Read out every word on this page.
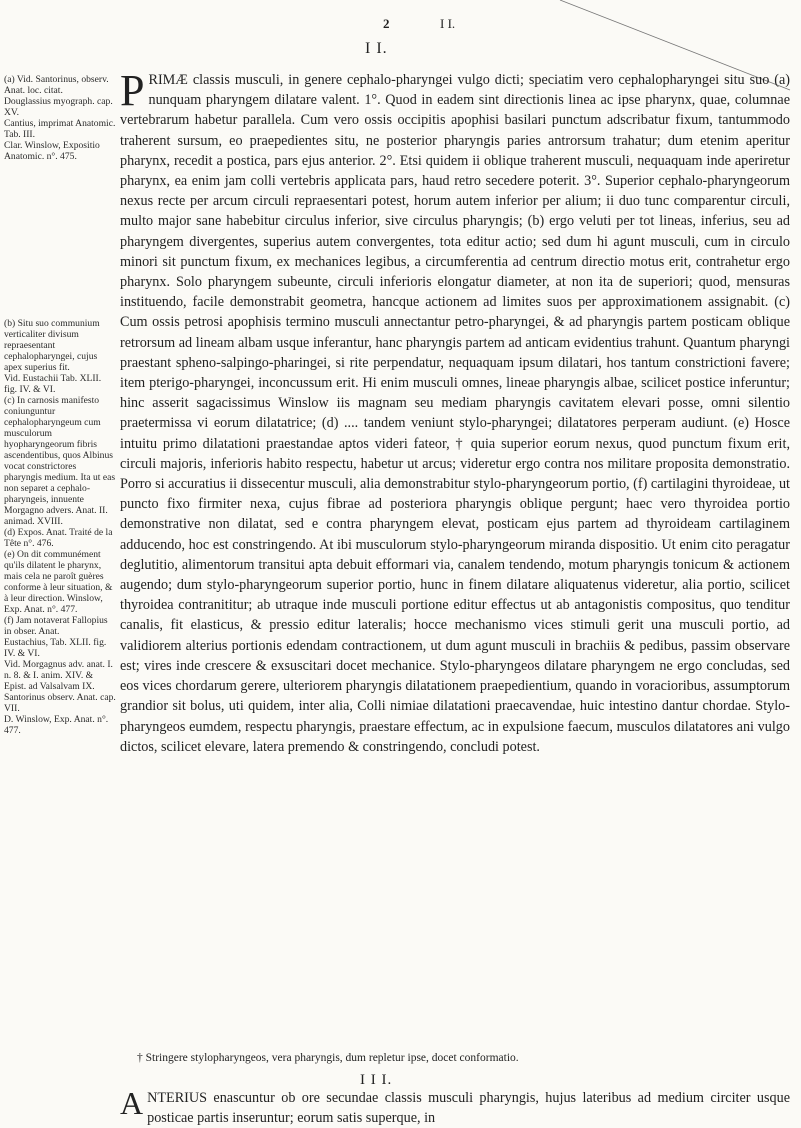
2	I I.
I I.

PRIMÆ classis musculi, in genere cephalo-pharyngei vulgo dicti; speciatim vero cephalopharyngei situ suo (a) nunquam pharyngem dilatare valent. 1°. Quod in eadem sint directionis linea ac ipse pharynx, quae, columnae vertebrarum habetur parallela. Cum vero ossis occipitis apophisi basilari punctum adscribatur fixum, tantummodo traherent sursum, eo praepedientes situ, ne posterior pharyngis paries antrorsum trahatur; dum etenim aperitur pharynx, recedit a postica, pars ejus anterior. 2°. Etsi quidem ii oblique traherent musculi, nequaquam inde aperiretur pharynx, ea enim jam colli vertebris applicata pars, haud retro secedere poterit. 3°. Superior cephalo-pharyngeorum nexus recte per arcum circuli repraesentari potest, horum autem inferior per alium; ii duo tunc comparentur circuli, multo major sane habebitur circulus inferior, sive circulus pharyngis; (b) ergo veluti per tot lineas, inferius, seu ad pharyngem divergentes, superius autem convergentes, tota editur actio; sed dum hi agunt musculi, cum in circulo minori sit punctum fixum, ex mechanices legibus, a circumferentia ad centrum directio motus erit, contrahetur ergo pharynx. Solo pharyngem subeunte, circuli inferioris elongatur diameter, at non ita de superiori; quod, mensuras instituendo, facile demonstrabit geometra, hancque actionem ad limites suos per approximationem assignabit. (c) Cum ossis petrosi apophisis termino musculi annectantur petro-pharyngei, & ad pharyngis partem posticam oblique retrorsum ad lineam albam usque inferantur, hanc pharyngis partem ad anticam evidentius trahunt. Quantum pharyngi praestant spheno-salpingo-pharingei, si rite perpendatur, nequaquam ipsum dilatari, hos tantum constrictioni favere; item pterigo-pharyngei, inconcussum erit. Hi enim musculi omnes, lineae pharyngis albae, scilicet postice inferuntur; hinc asserit sagacissimus Winslow iis magnam seu mediam pharyngis cavitatem elevari posse, omni silentio praetermissa vi eorum dilatatrice; (d) .... tandem veniunt stylo-pharyngei; dilatatores perperam audiunt. (e) Hosce intuitu primo dilatationi praestandae aptos videri fateor, † quia superior eorum nexus, quod punctum fixum erit, circuli majoris, inferioris habito respectu, habetur ut arcus; videretur ergo contra nos militare proposita demonstratio. Porro si accuratius ii dissecentur musculi, alia demonstrabitur stylo-pharyngeorum portio, (f) cartilagini thyroideae, ut puncto fixo firmiter nexa, cujus fibrae ad posteriora pharyngis oblique pergunt; haec vero thyroidea portio demonstrative non dilatat, sed e contra pharyngem elevat, posticam ejus partem ad thyroideam cartilaginem adducendo, hoc est constringendo. At ibi musculorum stylo-pharyngeorum miranda dispositio. Ut enim cito peragatur deglutitio, alimentorum transitui apta debuit efformari via, canalem tendendo, motum pharyngis tonicum & actionem augendo; dum stylo-pharyngeorum superior portio, hunc in finem dilatare aliquatenus videretur, alia portio, scilicet thyroidea contranititur; ab utraque inde musculi portione editur effectus ut ab antagonistis compositus, quo tenditur canalis, fit elasticus, & pressio editur lateralis; hocce mechanismo vices stimuli gerit una musculi portio, ad validiorem alterius portionis edendam contractionem, ut dum agunt musculi in brachiis & pedibus, passim observare est; vires inde crescere & exsuscitari docet mechanice. Stylo-pharyngeos dilatare pharyngem ne ergo concludas, sed eos vices chordarum gerere, ulteriorem pharyngis dilatationem praepedientium, quando in voracioribus, assumptorum grandior sit bolus, uti quidem, inter alia, Colli nimiae dilatationi praecavendae, huic intestino dantur chordae. Stylo-pharyngeos eumdem, respectu pharyngis, praestare effectum, ac in expulsione faecum, musculos dilatatores ani vulgo dictos, scilicet elevare, latera premendo & constringendo, concludi potest.

(a) Vid. Santorinus, observ. Anat. loc. citat.

Douglassius myograph. cap. XV.

Cantius, imprimat Anatomic. Tab. III.

Clar. Winslow, Expositio Anatomic. n°. 475.

(b) Situ suo communium verticaliter divisum repraesentant cephalopharyngei, cujus apex superius fit.

Vid. Eustachii Tab. XLII. fig. IV. & VI.

(c) In carnosis manifesto coniunguntur cephalopharyngeum cum musculorum hyopharyngeorum fibris ascendentibus, quos Albinus vocat constrictores pharyngis medium. Ita ut eas non separet a cephalo-pharyngeis, innuente Morgagno advers. Anat. II. animad. XVIII.

(d) Expos. Anat. Traité de la Tête n°. 476.

(e) On dit communément qu'ils dilatent le pharynx, mais cela ne paroît guères conforme à leur situation, & à leur direction. Winslow, Exp. Anat. n°. 477.

(f) Jam notaverat Fallopius in obser. Anat.

Eustachius, Tab. XLII. fig. IV. & VI.

Vid. Morgagnus adv. anat. I. n. 8. & I. anim. XIV. & Epist. ad Valsalvam IX.

Santorinus observ. Anat. cap. VII.

D. Winslow, Exp. Anat. n°. 477.

† Stringere stylopharyngeos, vera pharyngis, dum repletur ipse, docet conformatio.
I I I.

ANTERIUS enascuntur ob ore secundae classis musculi pharyngis, hujus lateribus ad medium circiter usque posticae partis inseruntur; eorum satis superque, in
